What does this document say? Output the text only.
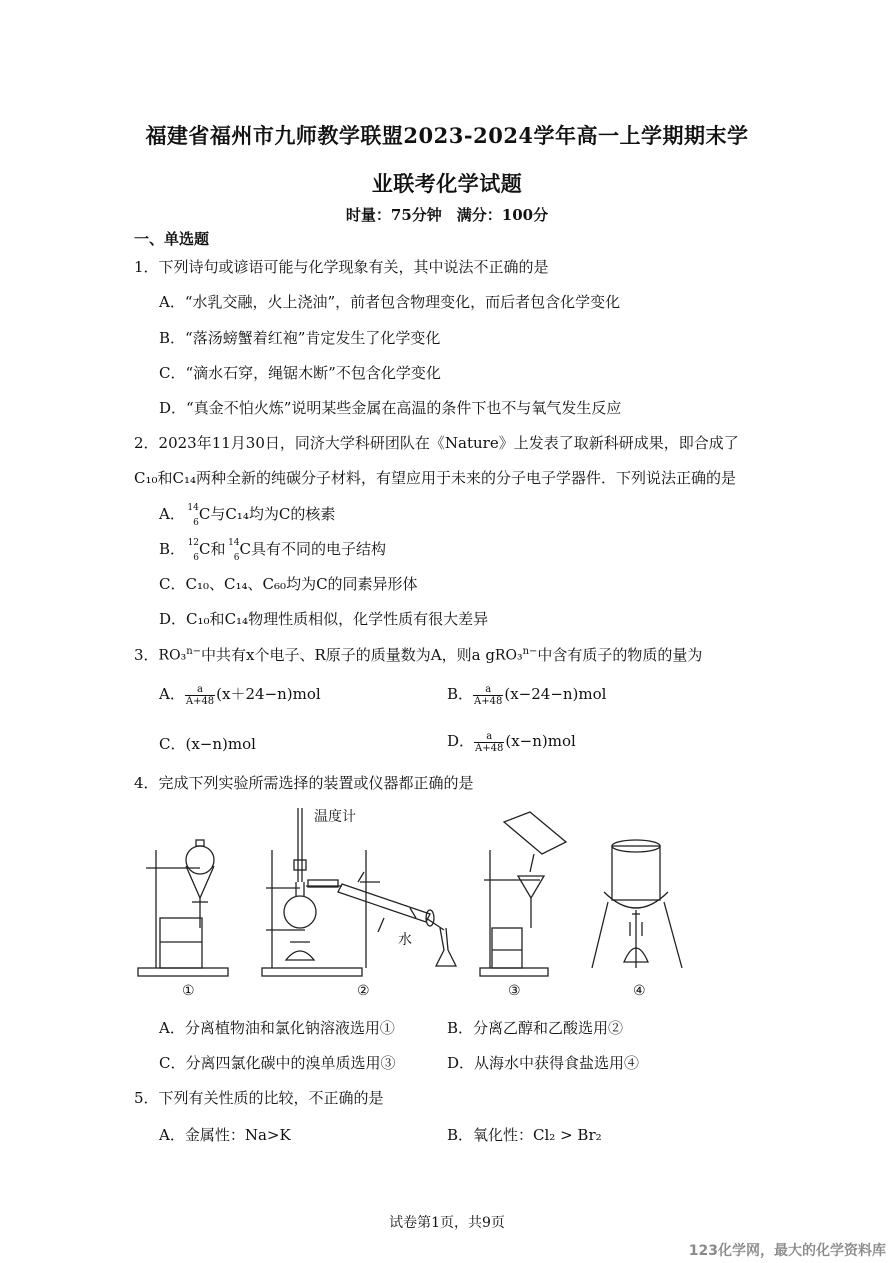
福建省福州市九师教学联盟2023-2024学年高一上学期期末学
业联考化学试题
时量：75分钟　满分：100分
一、单选题
1．下列诗句或谚语可能与化学现象有关，其中说法不正确的是
A．“水乳交融，火上浇油”，前者包含物理变化，而后者包含化学变化
B．“落汤螃蟹着红袍”肯定发生了化学变化
C．“滴水石穿，绳锯木断”不包含化学变化
D．“真金不怕火炼”说明某些金属在高温的条件下也不与氧气发生反应
2．2023年11月30日，同济大学科研团队在《Nature》上发表了取新科研成果，即合成了
C₁₀和C₁₄两种全新的纯碳分子材料，有望应用于未来的分子电子学器件．下列说法正确的是
A． 14
6 C与C₁₄均为C的核素
B． 12
6 C和 14
6 C具有不同的电子结构
C．C₁₀、C₁₄、C₆₀均为C的同素异形体
D．C₁₀和C₁₄物理性质相似，化学性质有很大差异
3．RO₃$^{n-}$中共有x个电子、R原子的质量数为A，则a gRO₃$^{n-}$中含有质子的物质的量为
A． $\frac{a}{A+48} (x+24-n)mol$	B． $\frac{a}{A+48} (x-24-n)mol$
C．(x−n)mol	D． $\frac{a}{A+48} (x-n)mol$
4．完成下列实验所需选择的装置或仪器都正确的是
温度计
水
①	②	③	④
A．分离植物油和氯化钠溶液选用①	B．分离乙醇和乙酸选用②
C．分离四氯化碳中的溴单质选用③	D．从海水中获得食盐选用④
5．下列有关性质的比较，不正确的是
A．金属性：Na>K	B．氧化性：Cl₂ > Br₂
试卷第1页，共9页
123化学网，最大的化学资料库
